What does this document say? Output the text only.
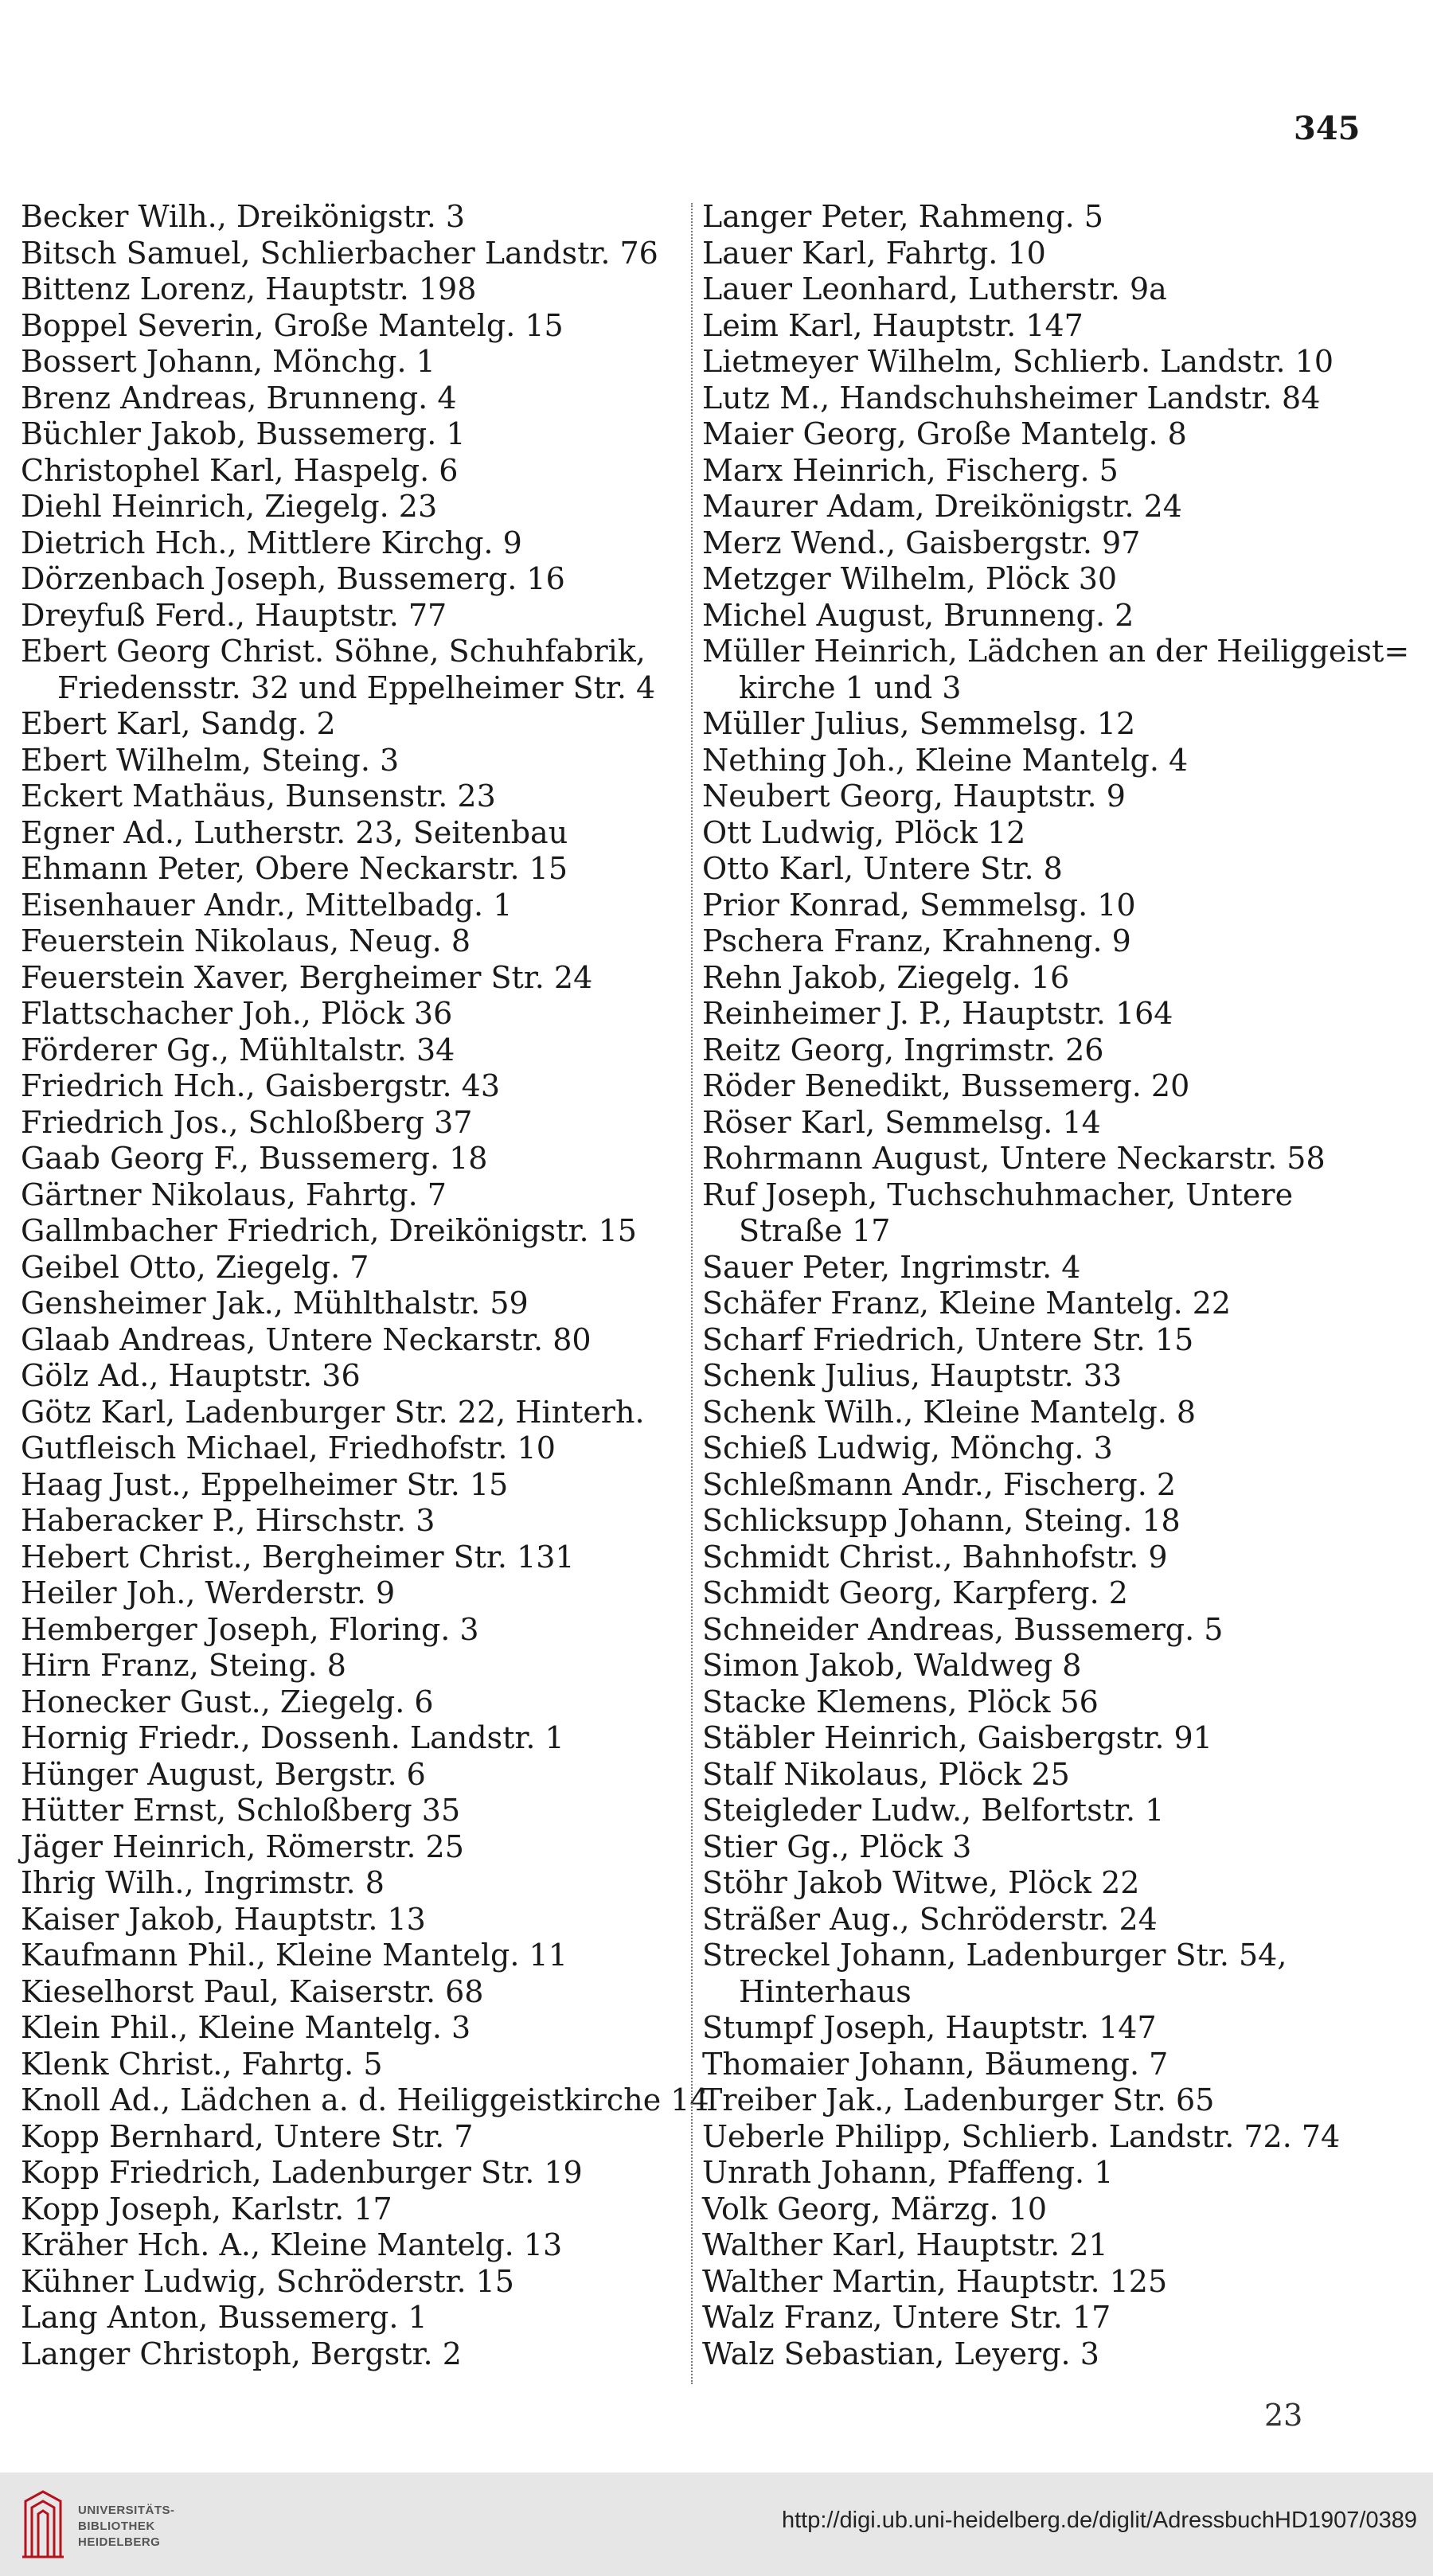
345
Becker Wilh., Dreikönigstr. 3
Bitsch Samuel, Schlierbacher Landstr. 76
Bittenz Lorenz, Hauptstr. 198
Boppel Severin, Große Mantelg. 15
Bossert Johann, Mönchg. 1
Brenz Andreas, Brunneng. 4
Büchler Jakob, Bussemerg. 1
Christophel Karl, Haspelg. 6
Diehl Heinrich, Ziegelg. 23
Dietrich Hch., Mittlere Kirchg. 9
Dörzenbach Joseph, Bussemerg. 16
Dreyfuß Ferd., Hauptstr. 77
Ebert Georg Christ. Söhne, Schuhfabrik,
Friedensstr. 32 und Eppelheimer Str. 4
Ebert Karl, Sandg. 2
Ebert Wilhelm, Steing. 3
Eckert Mathäus, Bunsenstr. 23
Egner Ad., Lutherstr. 23, Seitenbau
Ehmann Peter, Obere Neckarstr. 15
Eisenhauer Andr., Mittelbadg. 1
Feuerstein Nikolaus, Neug. 8
Feuerstein Xaver, Bergheimer Str. 24
Flattschacher Joh., Plöck 36
Förderer Gg., Mühltalstr. 34
Friedrich Hch., Gaisbergstr. 43
Friedrich Jos., Schloßberg 37
Gaab Georg F., Bussemerg. 18
Gärtner Nikolaus, Fahrtg. 7
Gallmbacher Friedrich, Dreikönigstr. 15
Geibel Otto, Ziegelg. 7
Gensheimer Jak., Mühlthalstr. 59
Glaab Andreas, Untere Neckarstr. 80
Gölz Ad., Hauptstr. 36
Götz Karl, Ladenburger Str. 22, Hinterh.
Gutfleisch Michael, Friedhofstr. 10
Haag Just., Eppelheimer Str. 15
Haberacker P., Hirschstr. 3
Hebert Christ., Bergheimer Str. 131
Heiler Joh., Werderstr. 9
Hemberger Joseph, Floring. 3
Hirn Franz, Steing. 8
Honecker Gust., Ziegelg. 6
Hornig Friedr., Dossenh. Landstr. 1
Hünger August, Bergstr. 6
Hütter Ernst, Schloßberg 35
Jäger Heinrich, Römerstr. 25
Ihrig Wilh., Ingrimstr. 8
Kaiser Jakob, Hauptstr. 13
Kaufmann Phil., Kleine Mantelg. 11
Kieselhorst Paul, Kaiserstr. 68
Klein Phil., Kleine Mantelg. 3
Klenk Christ., Fahrtg. 5
Knoll Ad., Lädchen a. d. Heiliggeistkirche 14
Kopp Bernhard, Untere Str. 7
Kopp Friedrich, Ladenburger Str. 19
Kopp Joseph, Karlstr. 17
Kräher Hch. A., Kleine Mantelg. 13
Kühner Ludwig, Schröderstr. 15
Lang Anton, Bussemerg. 1
Langer Christoph, Bergstr. 2
Langer Peter, Rahmeng. 5
Lauer Karl, Fahrtg. 10
Lauer Leonhard, Lutherstr. 9a
Leim Karl, Hauptstr. 147
Lietmeyer Wilhelm, Schlierb. Landstr. 10
Lutz M., Handschuhsheimer Landstr. 84
Maier Georg, Große Mantelg. 8
Marx Heinrich, Fischerg. 5
Maurer Adam, Dreikönigstr. 24
Merz Wend., Gaisbergstr. 97
Metzger Wilhelm, Plöck 30
Michel August, Brunneng. 2
Müller Heinrich, Lädchen an der Heiliggeist=
kirche 1 und 3
Müller Julius, Semmelsg. 12
Nething Joh., Kleine Mantelg. 4
Neubert Georg, Hauptstr. 9
Ott Ludwig, Plöck 12
Otto Karl, Untere Str. 8
Prior Konrad, Semmelsg. 10
Pschera Franz, Krahneng. 9
Rehn Jakob, Ziegelg. 16
Reinheimer J. P., Hauptstr. 164
Reitz Georg, Ingrimstr. 26
Röder Benedikt, Bussemerg. 20
Röser Karl, Semmelsg. 14
Rohrmann August, Untere Neckarstr. 58
Ruf Joseph, Tuchschuhmacher, Untere
Straße 17
Sauer Peter, Ingrimstr. 4
Schäfer Franz, Kleine Mantelg. 22
Scharf Friedrich, Untere Str. 15
Schenk Julius, Hauptstr. 33
Schenk Wilh., Kleine Mantelg. 8
Schieß Ludwig, Mönchg. 3
Schleßmann Andr., Fischerg. 2
Schlicksupp Johann, Steing. 18
Schmidt Christ., Bahnhofstr. 9
Schmidt Georg, Karpferg. 2
Schneider Andreas, Bussemerg. 5
Simon Jakob, Waldweg 8
Stacke Klemens, Plöck 56
Stäbler Heinrich, Gaisbergstr. 91
Stalf Nikolaus, Plöck 25
Steigleder Ludw., Belfortstr. 1
Stier Gg., Plöck 3
Stöhr Jakob Witwe, Plöck 22
Sträßer Aug., Schröderstr. 24
Streckel Johann, Ladenburger Str. 54,
Hinterhaus
Stumpf Joseph, Hauptstr. 147
Thomaier Johann, Bäumeng. 7
Treiber Jak., Ladenburger Str. 65
Ueberle Philipp, Schlierb. Landstr. 72. 74
Unrath Johann, Pfaffeng. 1
Volk Georg, Märzg. 10
Walther Karl, Hauptstr. 21
Walther Martin, Hauptstr. 125
Walz Franz, Untere Str. 17
Walz Sebastian, Leyerg. 3
23
UNIVERSITÄTS-
BIBLIOTHEK
HEIDELBERG
http://digi.ub.uni-heidelberg.de/diglit/AdressbuchHD1907/0389
